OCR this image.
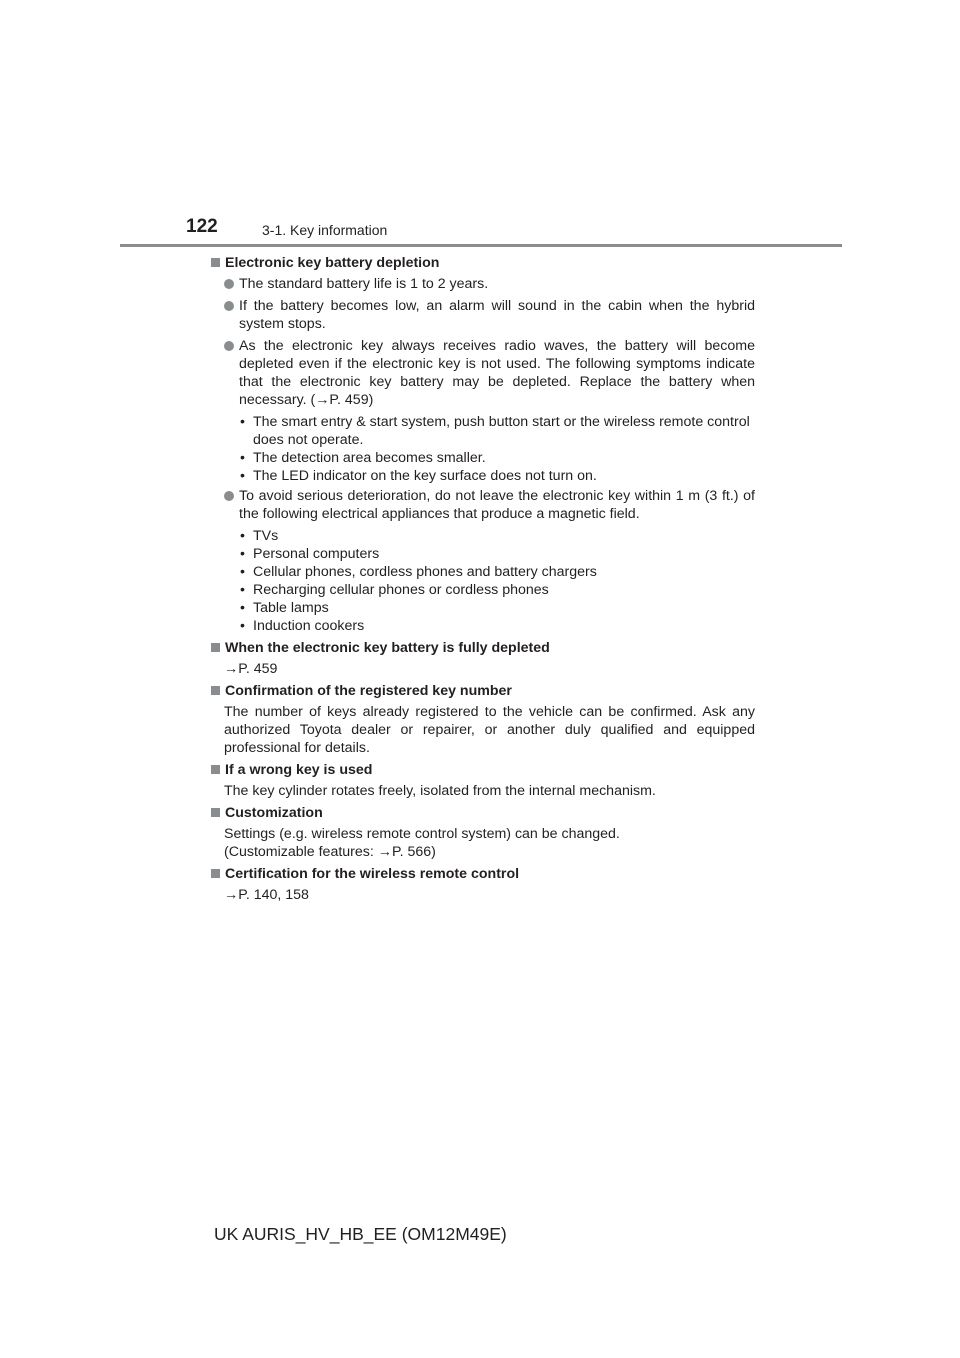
122	3-1. Key information
Electronic key battery depletion
The standard battery life is 1 to 2 years.
If the battery becomes low, an alarm will sound in the cabin when the hybrid system stops.
As the electronic key always receives radio waves, the battery will become depleted even if the electronic key is not used. The following symptoms indicate that the electronic key battery may be depleted. Replace the battery when necessary. (→P. 459)
• The smart entry & start system, push button start or the wireless remote control does not operate.
• The detection area becomes smaller.
• The LED indicator on the key surface does not turn on.
To avoid serious deterioration, do not leave the electronic key within 1 m (3 ft.) of the following electrical appliances that produce a magnetic field.
• TVs
• Personal computers
• Cellular phones, cordless phones and battery chargers
• Recharging cellular phones or cordless phones
• Table lamps
• Induction cookers
When the electronic key battery is fully depleted
→P. 459
Confirmation of the registered key number
The number of keys already registered to the vehicle can be confirmed. Ask any authorized Toyota dealer or repairer, or another duly qualified and equipped professional for details.
If a wrong key is used
The key cylinder rotates freely, isolated from the internal mechanism.
Customization
Settings (e.g. wireless remote control system) can be changed.
(Customizable features: →P. 566)
Certification for the wireless remote control
→P. 140, 158
UK AURIS_HV_HB_EE (OM12M49E)
